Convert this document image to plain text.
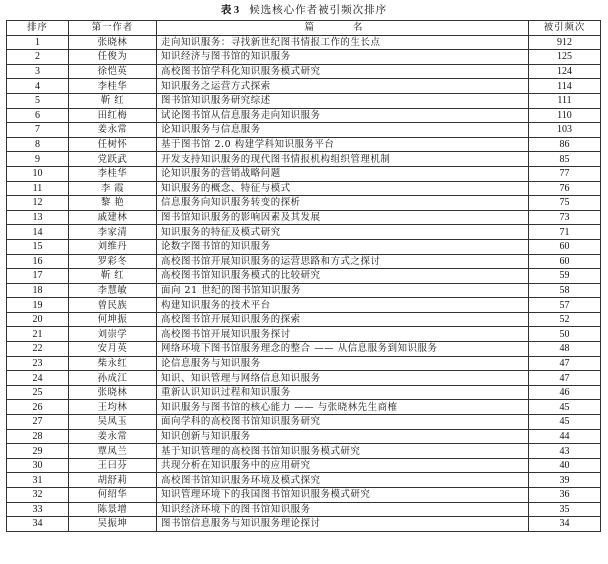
表 3 候选核心作者被引频次排序
排序	第一作者	篇 名	被引频次
1	张晓林	走向知识服务：寻找新世纪图书情报工作的生长点	912
2	任俊为	知识经济与图书馆的知识服务	125
3	徐恺英	高校图书馆学科化知识服务模式研究	124
4	李桂华	知识服务之运营方式探索	114
5	靳 红	图书馆知识服务研究综述	111
6	田红梅	试论图书馆从信息服务走向知识服务	110
7	姜永常	论知识服务与信息服务	103
8	任树怀	基于图书馆 2.0 构建学科知识服务平台	86
9	党跃武	开发支持知识服务的现代图书情报机构组织管理机制	85
10	李桂华	论知识服务的营销战略问题	77
11	李 霞	知识服务的概念、特征与模式	76
12	黎 艳	信息服务向知识服务转变的探析	75
13	戚建林	图书馆知识服务的影响因素及其发展	73
14	李家清	知识服务的特征及模式研究	71
15	刘维丹	论数字图书馆的知识服务	60
16	罗彩冬	高校图书馆开展知识服务的运营思路和方式之探讨	60
17	靳 红	高校图书馆知识服务模式的比较研究	59
18	李慧敏	面向 21 世纪的图书馆知识服务	58
19	曾民族	构建知识服务的技术平台	57
20	何坤振	高校图书馆开展知识服务的探索	52
21	刘崇学	高校图书馆开展知识服务探讨	50
22	安月英	网络环境下图书馆服务理念的整合 —— 从信息服务到知识服务	48
23	柴永红	论信息服务与知识服务	47
24	孙成江	知识、知识管理与网络信息知识服务	47
25	张晓林	重新认识知识过程和知识服务	46
26	王均林	知识服务与图书馆的核心能力 —— 与张晓林先生商榷	45
27	吴凤玉	面向学科的高校图书馆知识服务研究	45
28	姜永常	知识创新与知识服务	44
29	覃凤兰	基于知识管理的高校图书馆知识服务模式研究	43
30	王曰芬	共现分析在知识服务中的应用研究	40
31	胡舒莉	高校图书馆知识服务环境及模式探究	39
32	何绍华	知识管理环境下的我国图书馆知识服务模式研究	36
33	陈景增	知识经济环境下的图书馆知识服务	35
34	吴振坤	图书馆信息服务与知识服务理论探讨	34
